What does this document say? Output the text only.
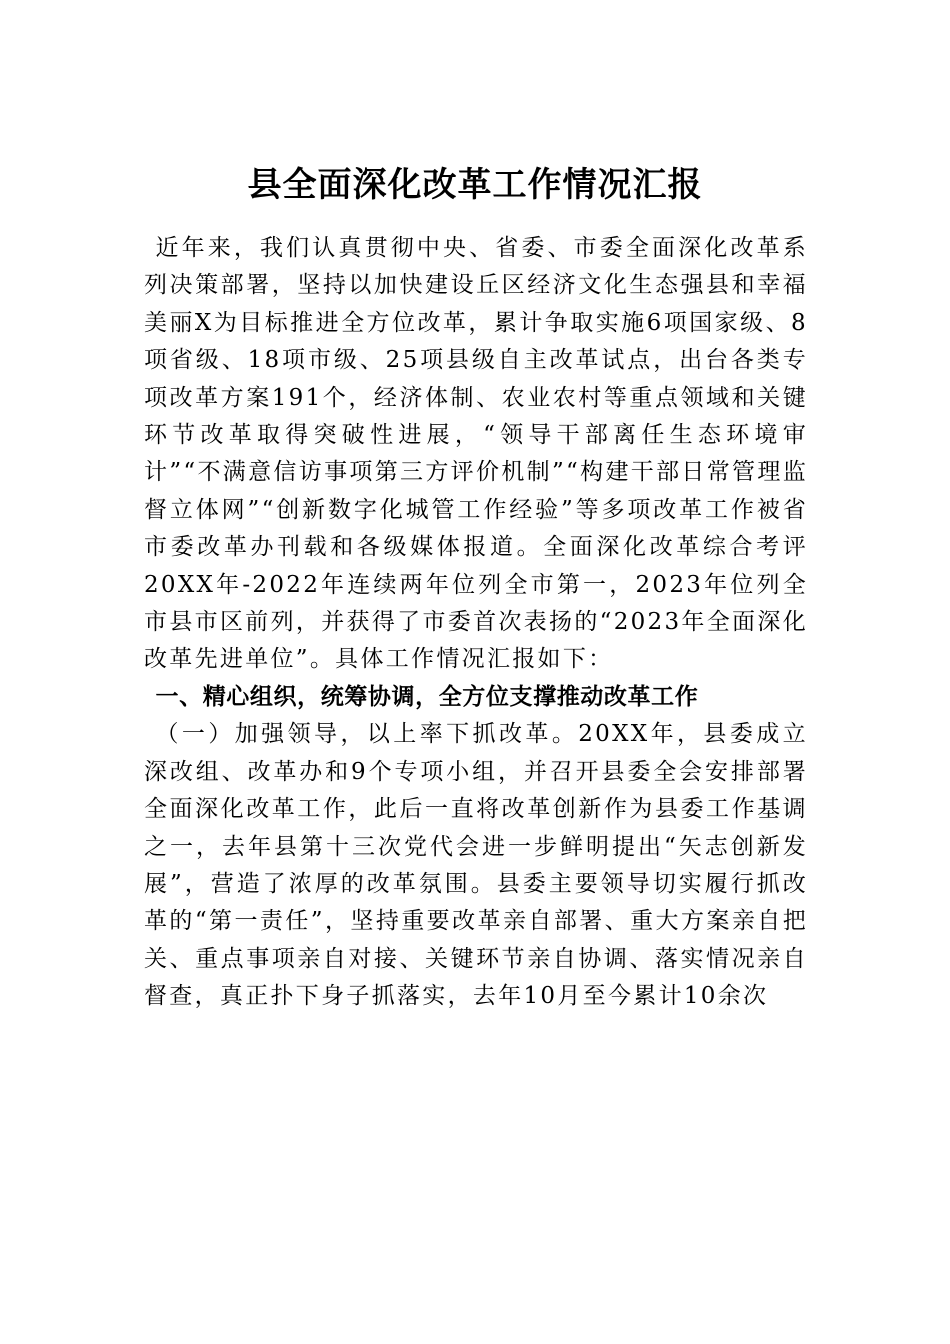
县全面深化改革工作情况汇报

近年来，我们认真贯彻中央、省委、市委全面深化改革系列决策部署，坚持以加快建设丘区经济文化生态强县和幸福美丽X为目标推进全方位改革，累计争取实施6项国家级、8项省级、18项市级、25项县级自主改革试点，出台各类专项改革方案191个，经济体制、农业农村等重点领域和关键环节改革取得突破性进展，“领导干部离任生态环境审计”“不满意信访事项第三方评价机制”“构建干部日常管理监督立体网”“创新数字化城管工作经验”等多项改革工作被省市委改革办刊载和各级媒体报道。全面深化改革综合考评20XX年-2022年连续两年位列全市第一，2023年位列全市县市区前列，并获得了市委首次表扬的“2023年全面深化改革先进单位”。具体工作情况汇报如下：

一、精心组织，统筹协调，全方位支撑推动改革工作

（一）加强领导，以上率下抓改革。20XX年，县委成立深改组、改革办和9个专项小组，并召开县委全会安排部署全面深化改革工作，此后一直将改革创新作为县委工作基调之一，去年县第十三次党代会进一步鲜明提出“矢志创新发展”，营造了浓厚的改革氛围。县委主要领导切实履行抓改革的“第一责任”，坚持重要改革亲自部署、重大方案亲自把关、重点事项亲自对接、关键环节亲自协调、落实情况亲自督查，真正扑下身子抓落实，去年10月至今累计10余次
